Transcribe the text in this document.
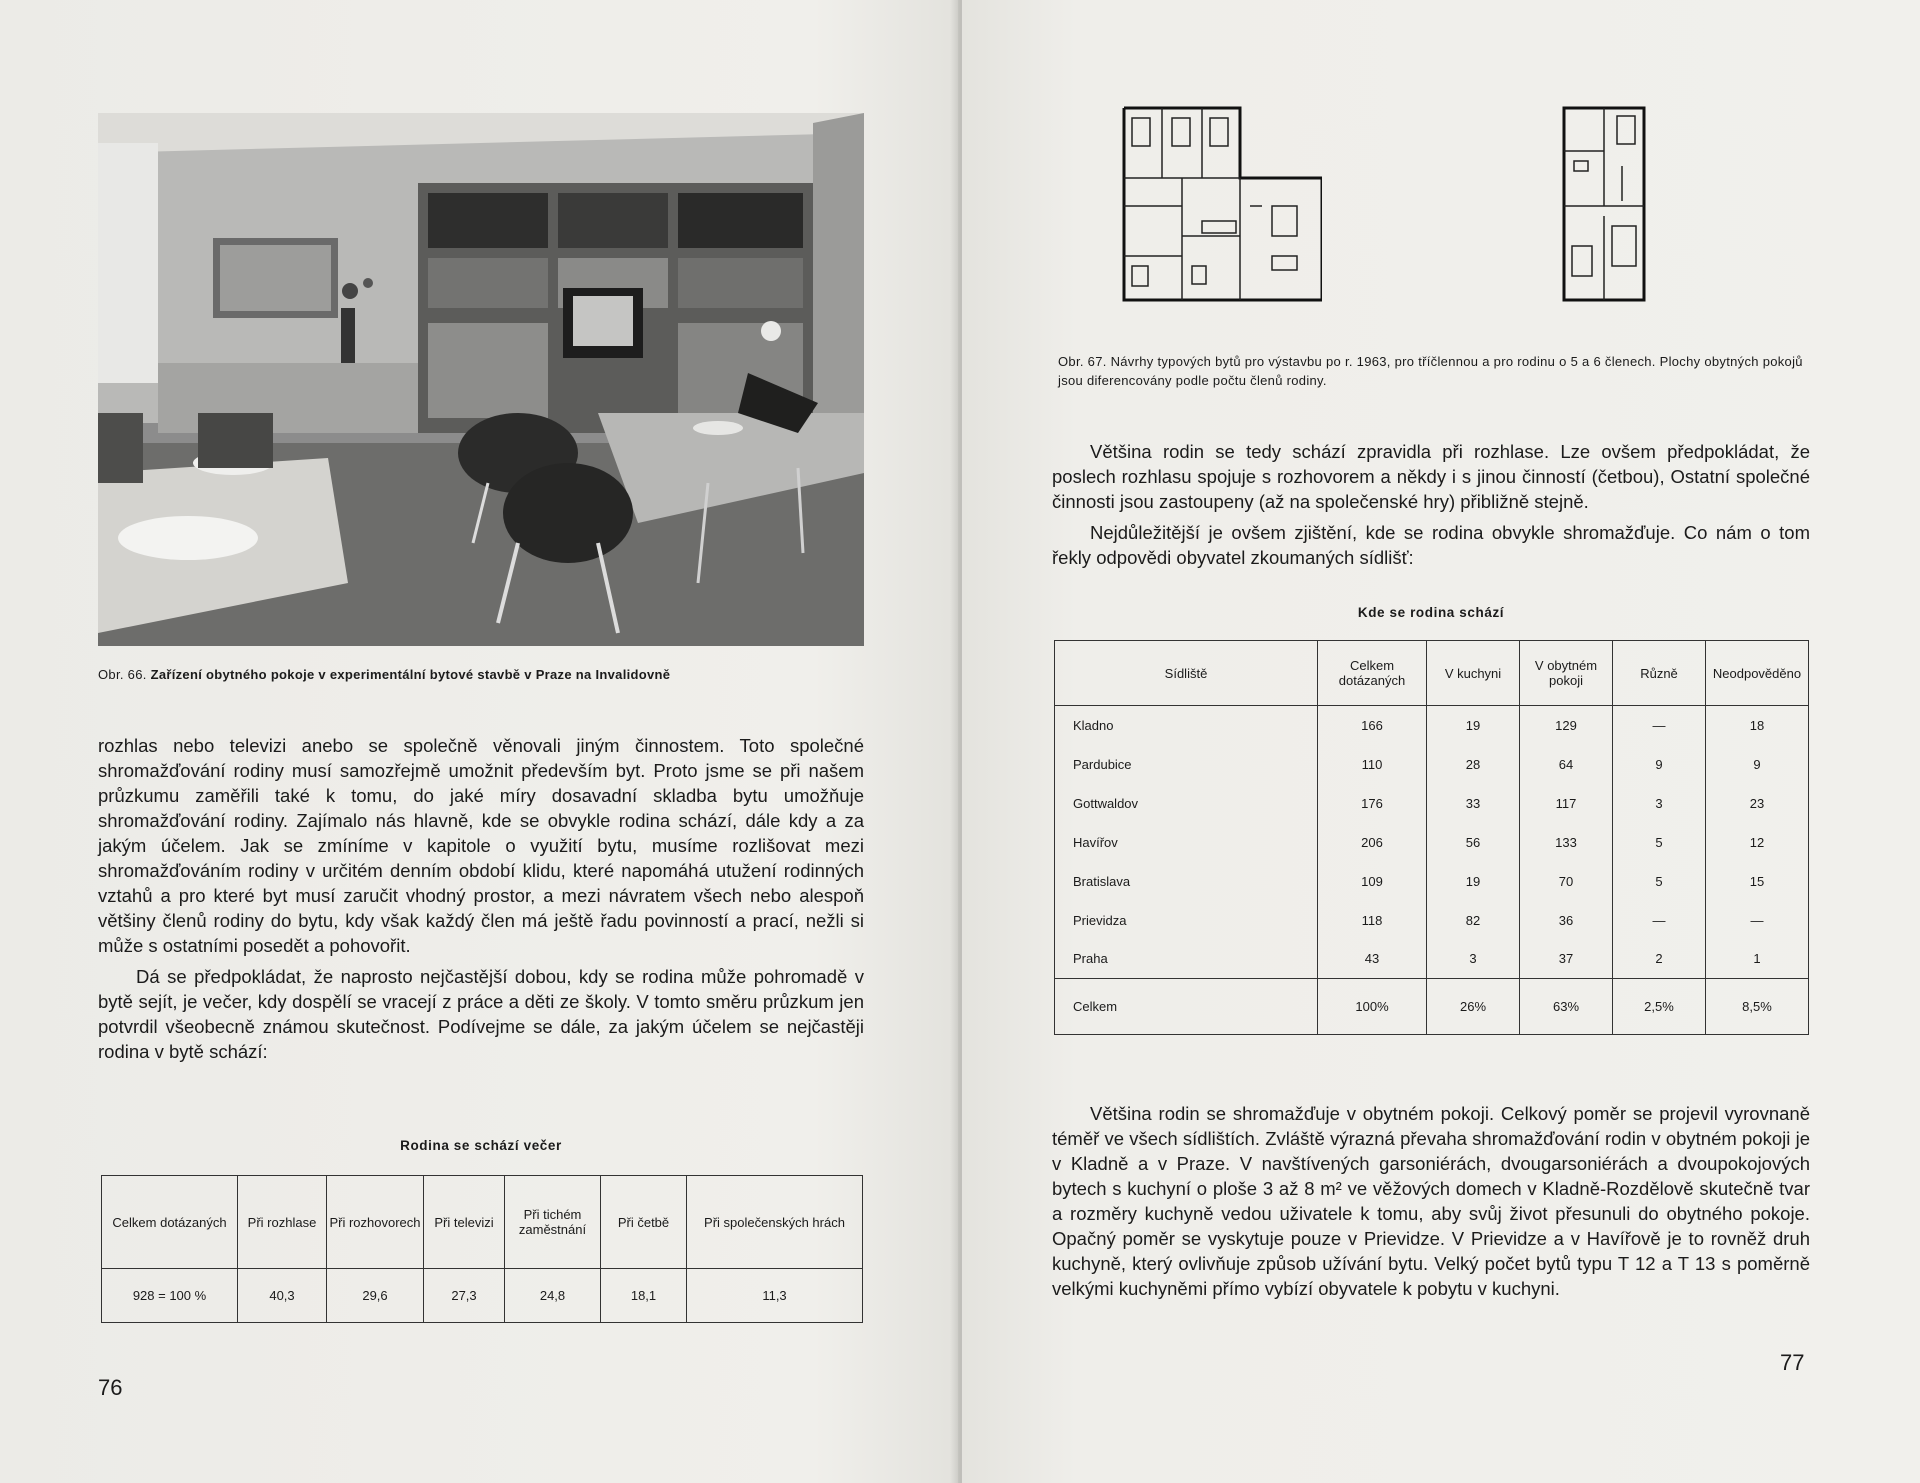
Obr. 66. Zařízení obytného pokoje v experimentální bytové stavbě v Praze na Invalidovně

rozhlas nebo televizi anebo se společně věnovali jiným činnostem. Toto společné shromažďování rodiny musí samozřejmě umožnit především byt. Proto jsme se při našem průzkumu zaměřili také k tomu, do jaké míry dosavadní skladba bytu umožňuje shromažďování rodiny. Zajímalo nás hlavně, kde se obvykle rodina schází, dále kdy a za jakým účelem. Jak se zmíníme v kapitole o využití bytu, musíme rozlišovat mezi shromažďováním rodiny v určitém denním období klidu, které napomáhá utužení rodinných vztahů a pro které byt musí zaručit vhodný prostor, a mezi návratem všech nebo alespoň většiny členů rodiny do bytu, kdy však každý člen má ještě řadu povinností a prací, nežli si může s ostatními posedět a pohovořit.

Dá se předpokládat, že naprosto nejčastější dobou, kdy se rodina může pohromadě v bytě sejít, je večer, kdy dospělí se vracejí z práce a děti ze školy. V tomto směru průzkum jen potvrdil všeobecně známou skutečnost. Podívejme se dále, za jakým účelem se nejčastěji rodina v bytě schází:

Rodina se schází večer
Celkem dotázaných	Při rozhlase	Při rozhovorech	Při televizi	Při tichém zaměstnání	Při četbě	Při společenských hrách
928 = 100 %	40,3	29,6	27,3	24,8	18,1	11,3
76
Obr. 67. Návrhy typových bytů pro výstavbu po r. 1963, pro tříčlennou a pro rodinu o 5 a 6 členech. Plochy obytných pokojů jsou diferencovány podle počtu členů rodiny.

Většina rodin se tedy schází zpravidla při rozhlase. Lze ovšem předpokládat, že poslech rozhlasu spojuje s rozhovorem a někdy i s jinou činností (četbou), Ostatní společné činnosti jsou zastoupeny (až na společenské hry) přibližně stejně.

Nejdůležitější je ovšem zjištění, kde se rodina obvykle shromažďuje. Co nám o tom řekly odpovědi obyvatel zkoumaných sídlišť:

Kde se rodina schází
Sídliště	Celkem dotázaných	V kuchyni	V obytném pokoji	Různě	Neodpověděno
Kladno	166	19	129	—	18
Pardubice	110	28	64	9	9
Gottwaldov	176	33	117	3	23
Havířov	206	56	133	5	12
Bratislava	109	19	70	5	15
Prievidza	118	82	36	—	—
Praha	43	3	37	2	1
Celkem	100%	26%	63%	2,5%	8,5%

Většina rodin se shromažďuje v obytném pokoji. Celkový poměr se projevil vyrovnaně téměř ve všech sídlištích. Zvláště výrazná převaha shromažďování rodin v obytném pokoji je v Kladně a v Praze. V navštívených garsoniérách, dvougarsoniérách a dvoupokojových bytech s kuchyní o ploše 3 až 8 m² ve věžových domech v Kladně-Rozdělově skutečně tvar a rozměry kuchyně vedou uživatele k tomu, aby svůj život přesunuli do obytného pokoje. Opačný poměr se vyskytuje pouze v Prievidze. V Prievidze a v Havířově je to rovněž druh kuchyně, který ovlivňuje způsob užívání bytu. Velký počet bytů typu T 12 a T 13 s poměrně velkými kuchyněmi přímo vybízí obyvatele k pobytu v kuchyni.

77
